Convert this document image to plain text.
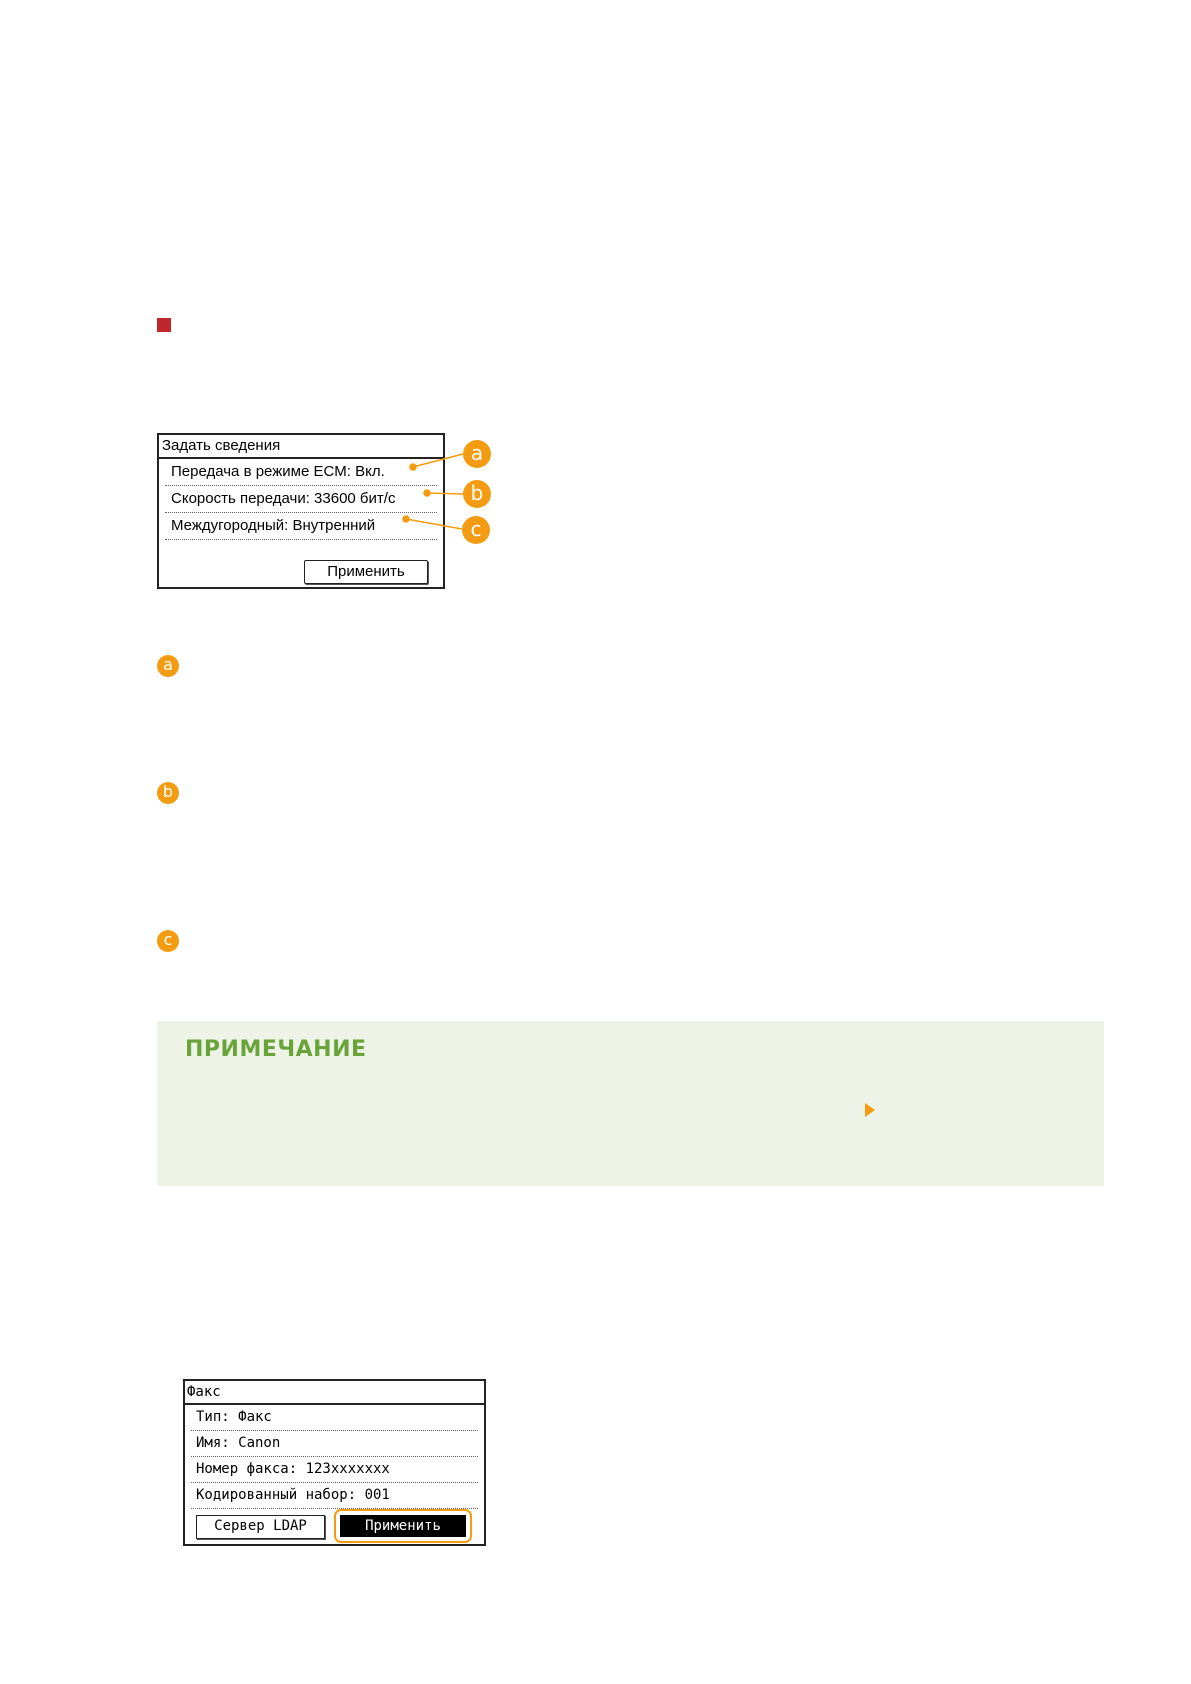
Задать сведения
Передача в режиме ECM: Вкл.
Скорость передачи: 33600 бит/с
Междугородный: Внутренний
Применить
a
b
c
a
b
c
ПРИМЕЧАНИЕ
Факс
Тип: Факс
Имя: Canon
Номер факса: 123xxxxxxx
Кодированный набор: 001
Сервер LDAP	Применить
